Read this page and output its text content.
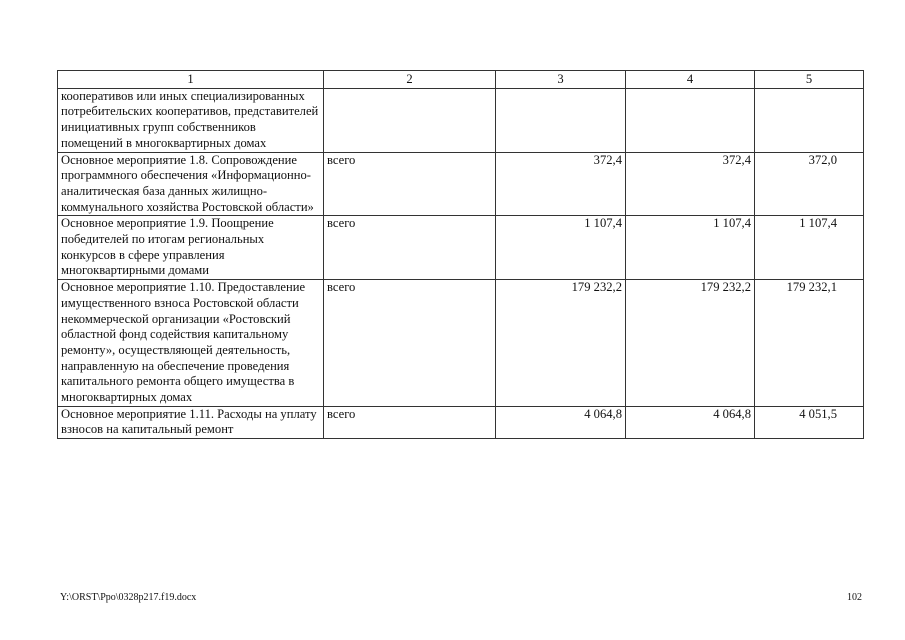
1	2	3	4	5
кооперативов или иных специализированных потребительских кооперативов, представителей инициативных групп собственников помещений в многоквартирных домах				
Основное мероприятие 1.8. Сопровождение программного обеспечения «Информационно-аналитическая база данных жилищно-коммунального хозяйства Ростовской области»	всего	372,4	372,4	372,0
Основное мероприятие 1.9. Поощрение победителей по итогам региональных конкурсов в сфере управления многоквартирными домами	всего	1 107,4	1 107,4	1 107,4
Основное мероприятие 1.10. Предоставление имущественного взноса Ростовской области некоммерческой организации «Ростовский областной фонд содействия капитальному ремонту», осуществляющей деятельность, направленную на обеспечение проведения капитального ремонта общего имущества в многоквартирных домах	всего	179 232,2	179 232,2	179 232,1
Основное мероприятие 1.11. Расходы на уплату взносов на капитальный ремонт	всего	4 064,8	4 064,8	4 051,5
Y:\ORST\Ppo\0328p217.f19.docx	102
